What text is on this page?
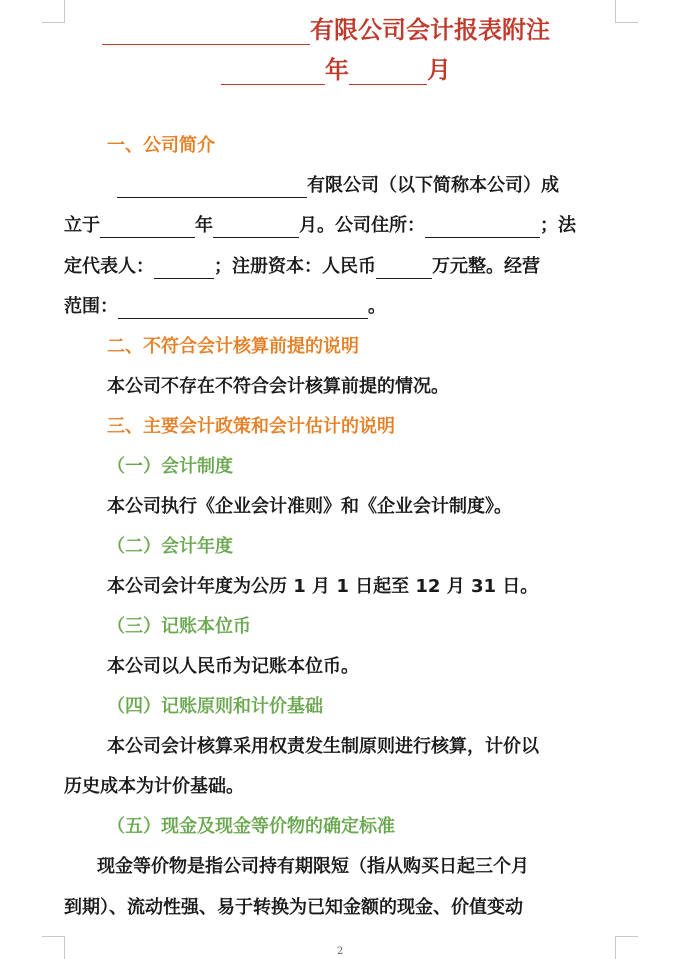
有限公司会计报表附注
年	月
一、公司简介
有限公司（以下简称本公司）成
立于	年	月。公司住所：	；法
定代表人：	；注册资本：人民币	万元整。经营
范围：	。
二、不符合会计核算前提的说明
本公司不存在不符合会计核算前提的情况。
三、主要会计政策和会计估计的说明
（一）会计制度
本公司执行《企业会计准则》和《企业会计制度》。
（二）会计年度
本公司会计年度为公历 1 月 1 日起至 12 月 31 日。
（三）记账本位币
本公司以人民币为记账本位币。
（四）记账原则和计价基础
本公司会计核算采用权责发生制原则进行核算，计价以
历史成本为计价基础。
（五）现金及现金等价物的确定标准
现金等价物是指公司持有期限短（指从购买日起三个月
到期）、流动性强、易于转换为已知金额的现金、价值变动
2
